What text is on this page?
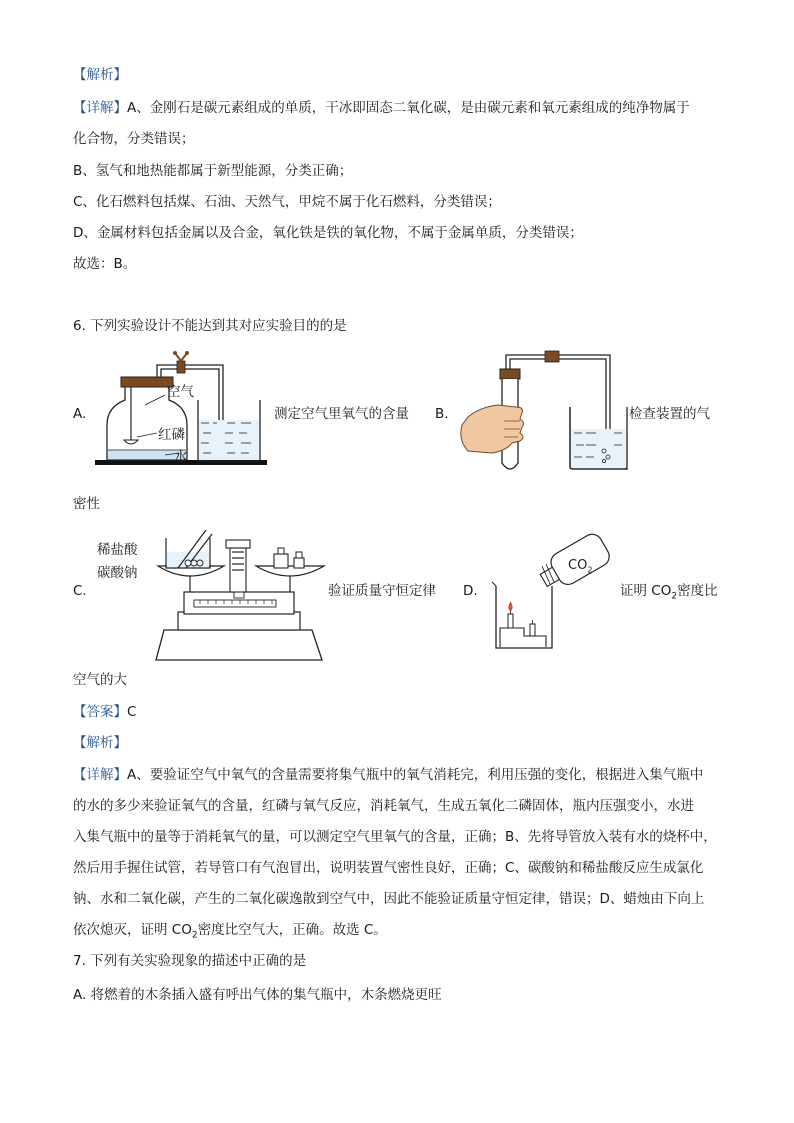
【解析】
【详解】A、金刚石是碳元素组成的单质，干冰即固态二氧化碳，是由碳元素和氧元素组成的纯净物属于
化合物，分类错误；
B、氢气和地热能都属于新型能源，分类正确；
C、化石燃料包括煤、石油、天然气，甲烷不属于化石燃料，分类错误；
D、金属材料包括金属以及合金，氧化铁是铁的氧化物，不属于金属单质，分类错误；
故选：B。
6. 下列实验设计不能达到其对应实验目的的是
A.
空气
红磷
水
测定空气里氧气的含量 B.	检查装置的气
密性
C.
稀盐酸
碳酸钠
验证质量守恒定律 D.
$CO_2$
证明 $CO_2$密度比
空气的大
【答案】C
【解析】
【详解】A、要验证空气中氧气的含量需要将集气瓶中的氧气消耗完，利用压强的变化，根据进入集气瓶中
的水的多少来验证氧气的含量，红磷与氧气反应，消耗氧气，生成五氧化二磷固体，瓶内压强变小，水进
入集气瓶中的量等于消耗氧气的量，可以测定空气里氧气的含量，正确；B、先将导管放入装有水的烧杯中，
然后用手握住试管，若导管口有气泡冒出，说明装置气密性良好，正确；C、碳酸钠和稀盐酸反应生成氯化
钠、水和二氧化碳，产生的二氧化碳逸散到空气中，因此不能验证质量守恒定律，错误；D、蜡烛由下向上
依次熄灭，证明 $CO_2$密度比空气大，正确。故选 C。
7. 下列有关实验现象的描述中正确的是
A. 将燃着的木条插入盛有呼出气体的集气瓶中，木条燃烧更旺
